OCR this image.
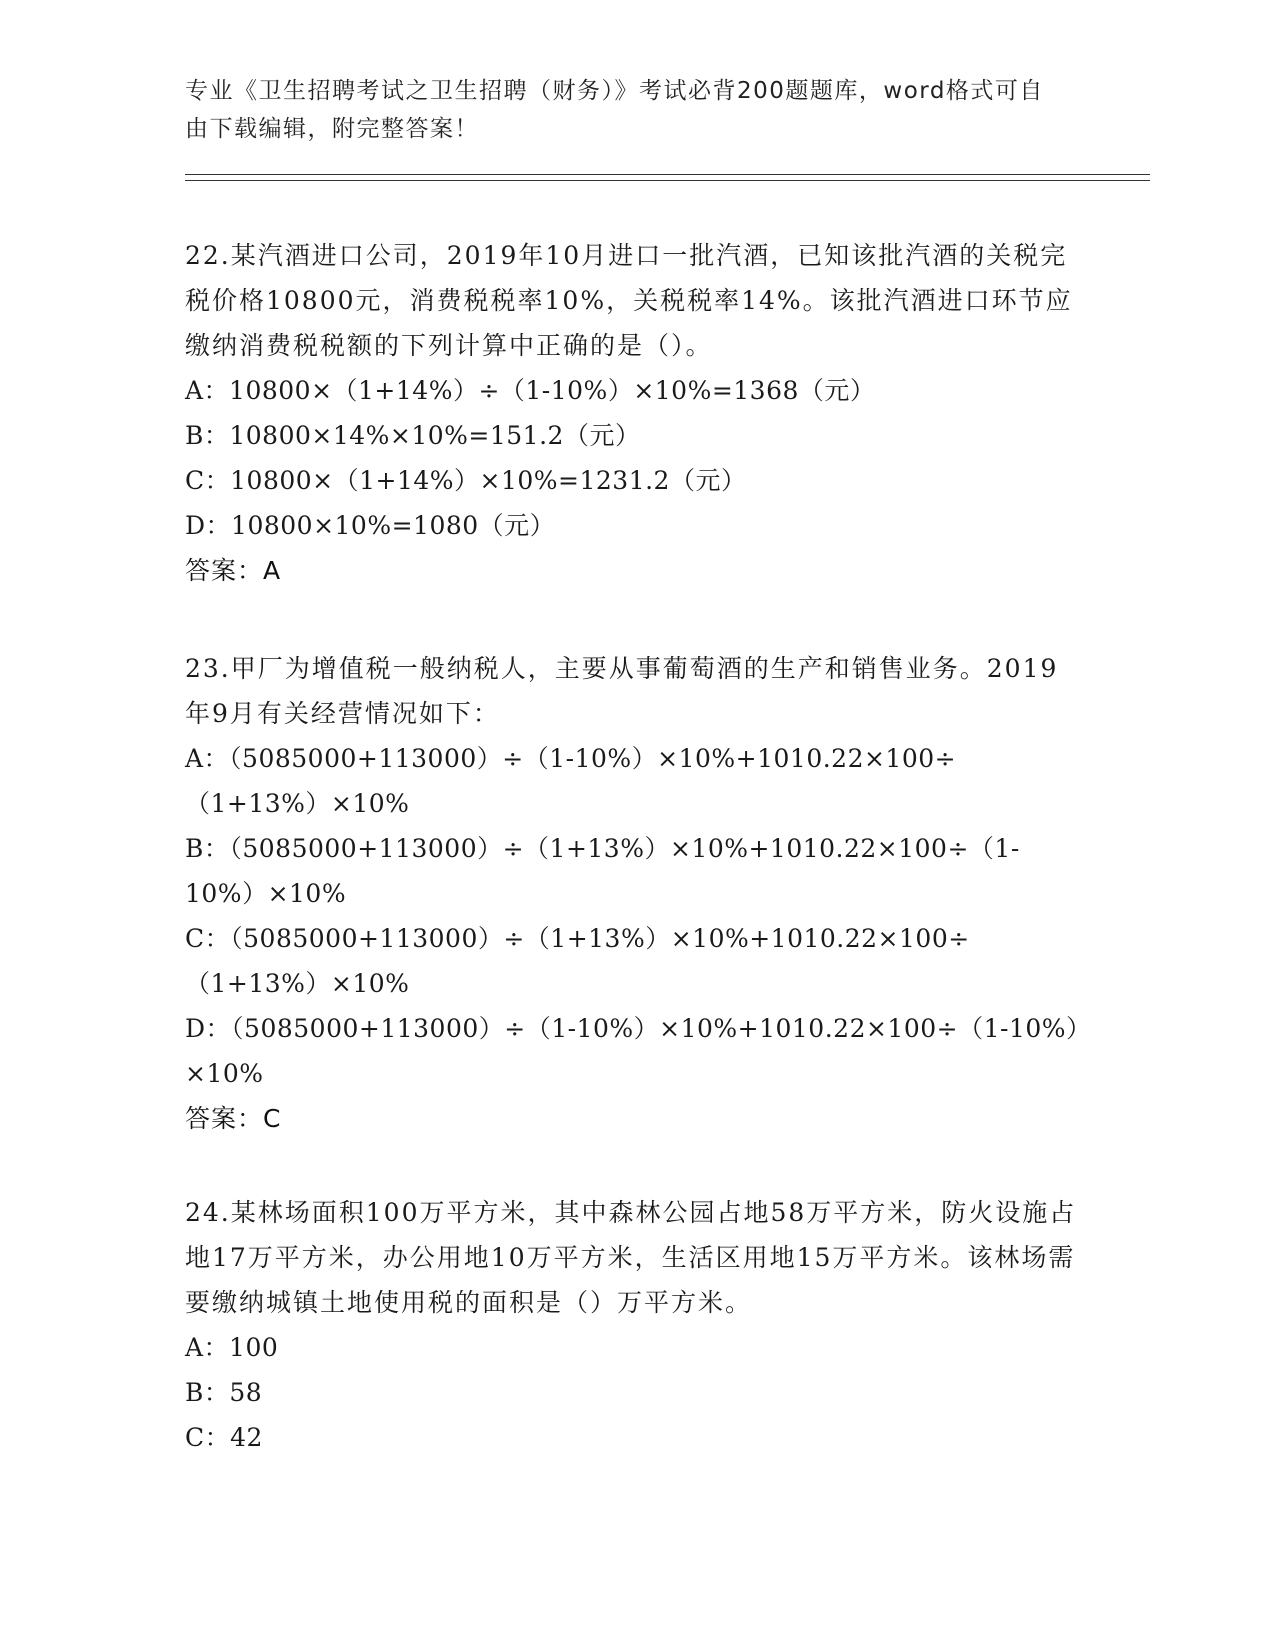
专业《卫生招聘考试之卫生招聘（财务）》考试必背200题题库，word格式可自由下载编辑，附完整答案！

22.某汽酒进口公司，2019年10月进口一批汽酒，已知该批汽酒的关税完税价格10800元，消费税税率10%，关税税率14%。该批汽酒进口环节应缴纳消费税税额的下列计算中正确的是（）。

A：10800×（1+14%）÷（1-10%）×10%=1368（元）

B：10800×14%×10%=151.2（元）

C：10800×（1+14%）×10%=1231.2（元）

D：10800×10%=1080（元）

答案：A

23.甲厂为增值税一般纳税人，主要从事葡萄酒的生产和销售业务。2019年9月有关经营情况如下：

A：（5085000+113000）÷（1-10%）×10%+1010.22×100÷（1+13%）×10%

B：（5085000+113000）÷（1+13%）×10%+1010.22×100÷（1-10%）×10%

C：（5085000+113000）÷（1+13%）×10%+1010.22×100÷（1+13%）×10%

D：（5085000+113000）÷（1-10%）×10%+1010.22×100÷（1-10%）×10%

答案：C

24.某林场面积100万平方米，其中森林公园占地58万平方米，防火设施占地17万平方米，办公用地10万平方米，生活区用地15万平方米。该林场需要缴纳城镇土地使用税的面积是（）万平方米。

A：100

B：58

C：42
